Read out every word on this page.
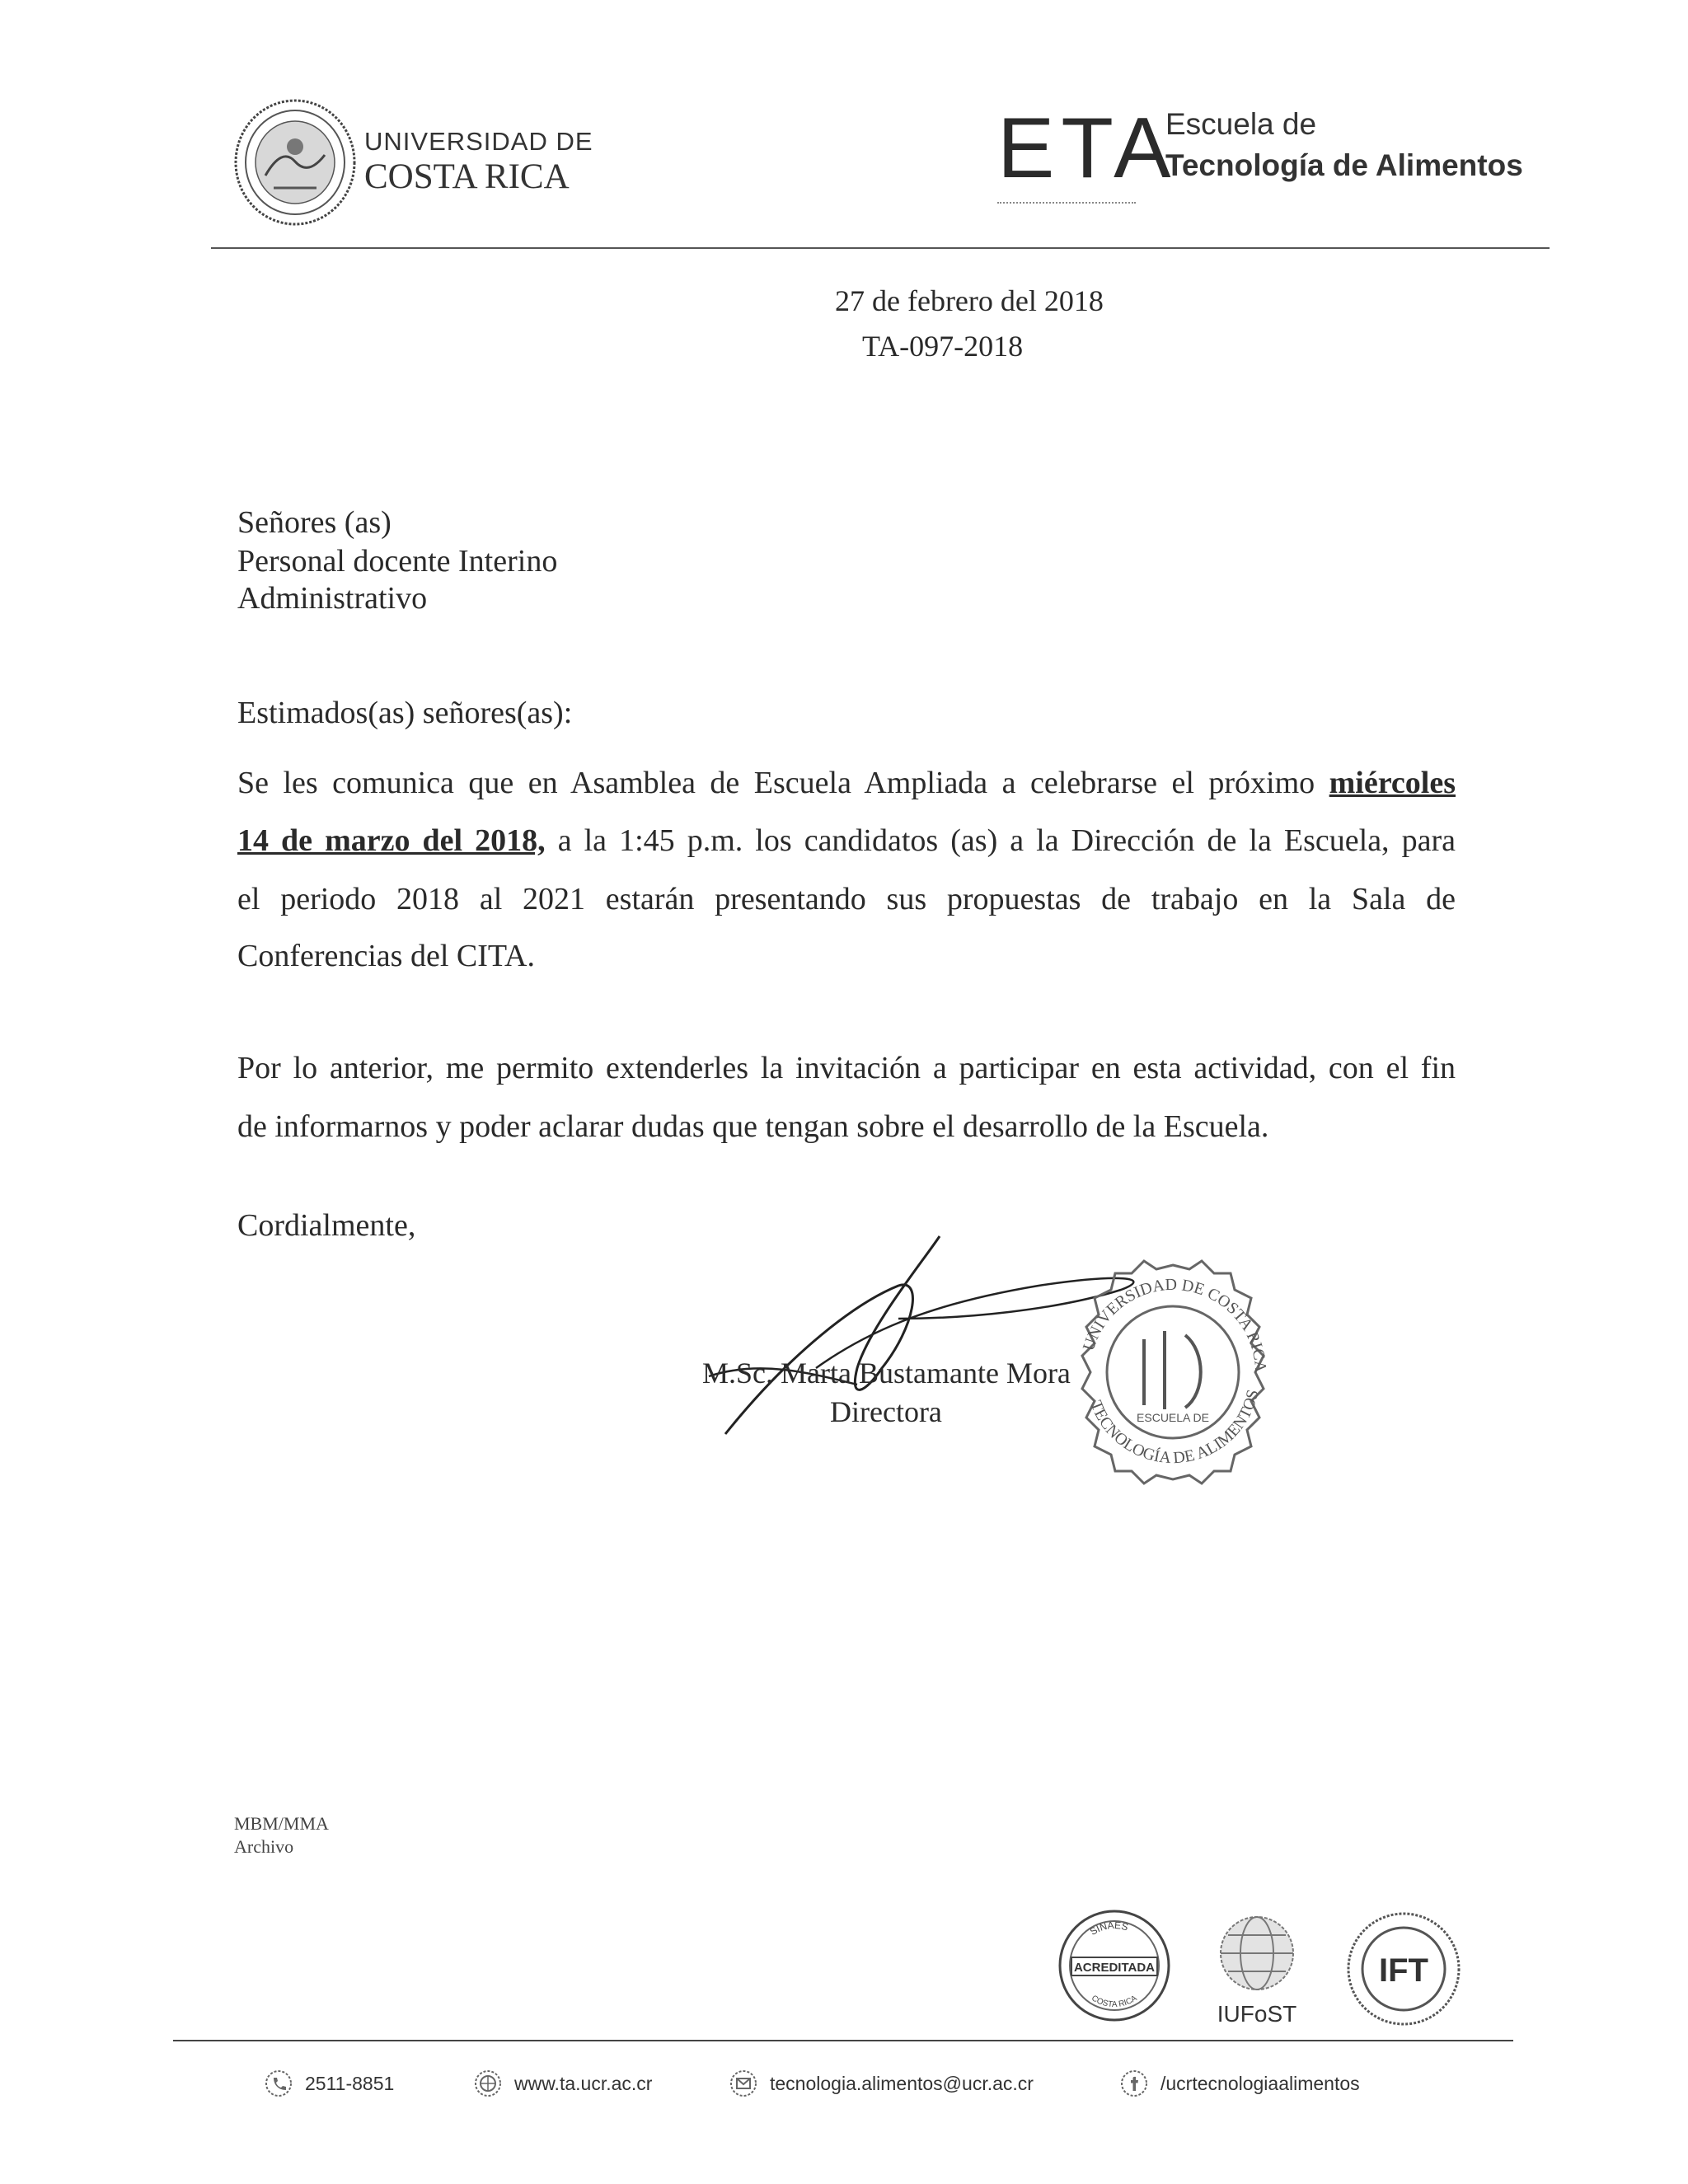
UNIVERSIDAD DE
COSTA RICA	ETA
Escuela de
Tecnología de Alimentos
27 de febrero del 2018
TA-097-2018
Señores (as)
Personal docente Interino
Administrativo
Estimados(as) señores(as):
Se les comunica que en Asamblea de Escuela Ampliada a celebrarse el próximo miércoles
14 de marzo del 2018, a la 1:45 p.m. los candidatos (as) a la Dirección de la Escuela, para
el periodo 2018 al 2021 estarán presentando sus propuestas de trabajo en la Sala de
Conferencias del CITA.
Por lo anterior, me permito extenderles la invitación a participar en esta actividad, con el fin
de informarnos y poder aclarar dudas que tengan sobre el desarrollo de la Escuela.
Cordialmente,
UNIVERSIDAD DE COSTA RICA
TECNOLOGÍA DE ALIMENTOS
ESCUELA DE
M.Sc. Marta Bustamante Mora
Directora
MBM/MMA
Archivo
SINAES
ACREDITADA
COSTA RICA
IUFoST
IFT
2511-8851	www.ta.ucr.ac.cr	tecnologia.alimentos@ucr.ac.cr	/ucrtecnologiaalimentos
